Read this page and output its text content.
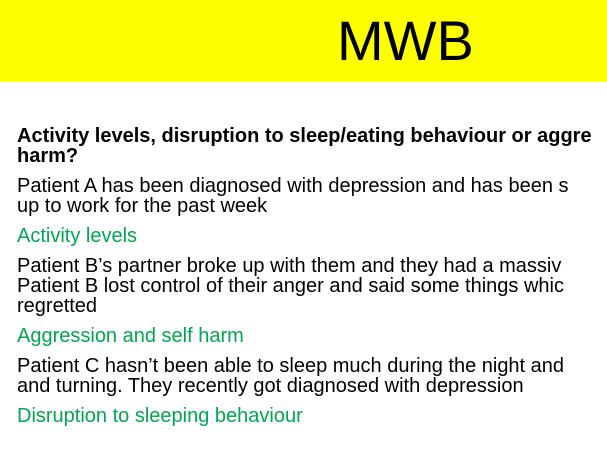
MWB
Activity levels, disruption to sleep/eating behaviour or aggre
harm?
Patient A has been diagnosed with depression and has been s
up to work for the past week
Activity levels
Patient B’s partner broke up with them and they had a massiv
Patient B lost control of their anger and said some things whic
regretted
Aggression and self harm
Patient C hasn’t been able to sleep much during the night and
and turning. They recently got diagnosed with depression
Disruption to sleeping behaviour
